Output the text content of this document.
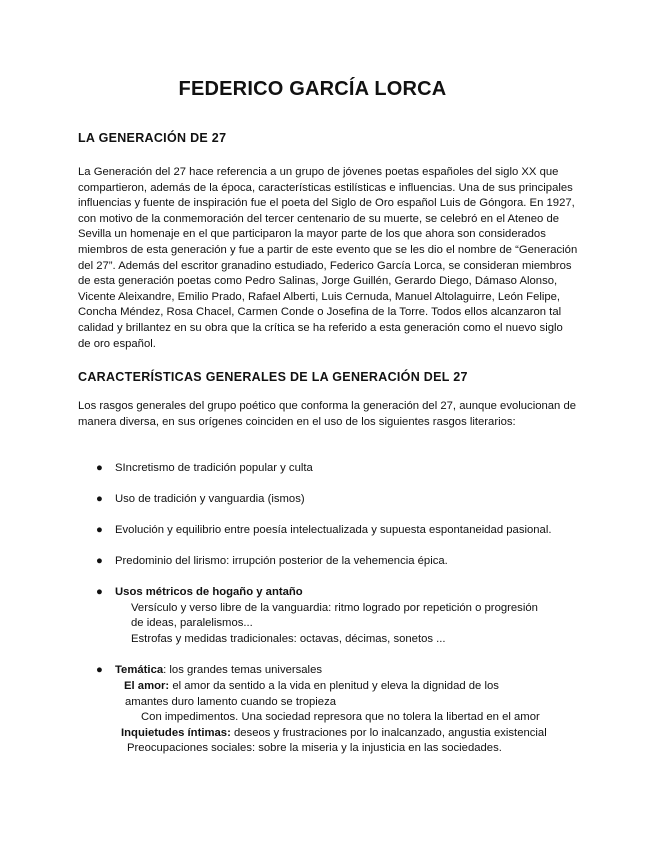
FEDERICO GARCÍA LORCA
LA GENERACIÓN DE 27

La Generación del 27 hace referencia a un grupo de jóvenes poetas españoles del siglo XX que compartieron, además de la época, características estilísticas e influencias. Una de sus principales influencias y fuente de inspiración fue el poeta del Siglo de Oro español Luis de Góngora. En 1927, con motivo de la conmemoración del tercer centenario de su muerte, se celebró en el Ateneo de Sevilla un homenaje en el que participaron la mayor parte de los que ahora son considerados miembros de esta generación y fue a partir de este evento que se les dio el nombre de “Generación del 27”. Además del escritor granadino estudiado, Federico García Lorca, se consideran miembros de esta generación poetas como Pedro Salinas, Jorge Guillén, Gerardo Diego, Dámaso Alonso, Vicente Aleixandre, Emilio Prado, Rafael Alberti, Luis Cernuda, Manuel Altolaguirre, León Felipe, Concha Méndez, Rosa Chacel, Carmen Conde o Josefina de la Torre. Todos ellos alcanzaron tal calidad y brillantez en su obra que la crítica se ha referido a esta generación como el nuevo siglo de oro español.

CARACTERÍSTICAS GENERALES DE LA GENERACIÓN DEL 27

Los rasgos generales del grupo poético que conforma la generación del 27, aunque evolucionan de manera diversa, en sus orígenes coinciden en el uso de los siguientes rasgos literarios:

● SIncretismo de tradición popular y culta
● Uso de tradición y vanguardia (ismos)
● Evolución y equilibrio entre poesía intelectualizada y supuesta espontaneidad pasional.
● Predominio del lirismo: irrupción posterior de la vehemencia épica.
● Usos métricos de hogaño y antaño
Versículo y verso libre de la vanguardia: ritmo logrado por repetición o progresión
de ideas, paralelismos...
Estrofas y medidas tradicionales: octavas, décimas, sonetos ...
● Temática: los grandes temas universales
El amor: el amor da sentido a la vida en plenitud y eleva la dignidad de los
amantes duro lamento cuando se tropieza
Con impedimentos. Una sociedad represora que no tolera la libertad en el amor
Inquietudes íntimas: deseos y frustraciones por lo inalcanzado, angustia existencial
Preocupaciones sociales: sobre la miseria y la injusticia en las sociedades.
